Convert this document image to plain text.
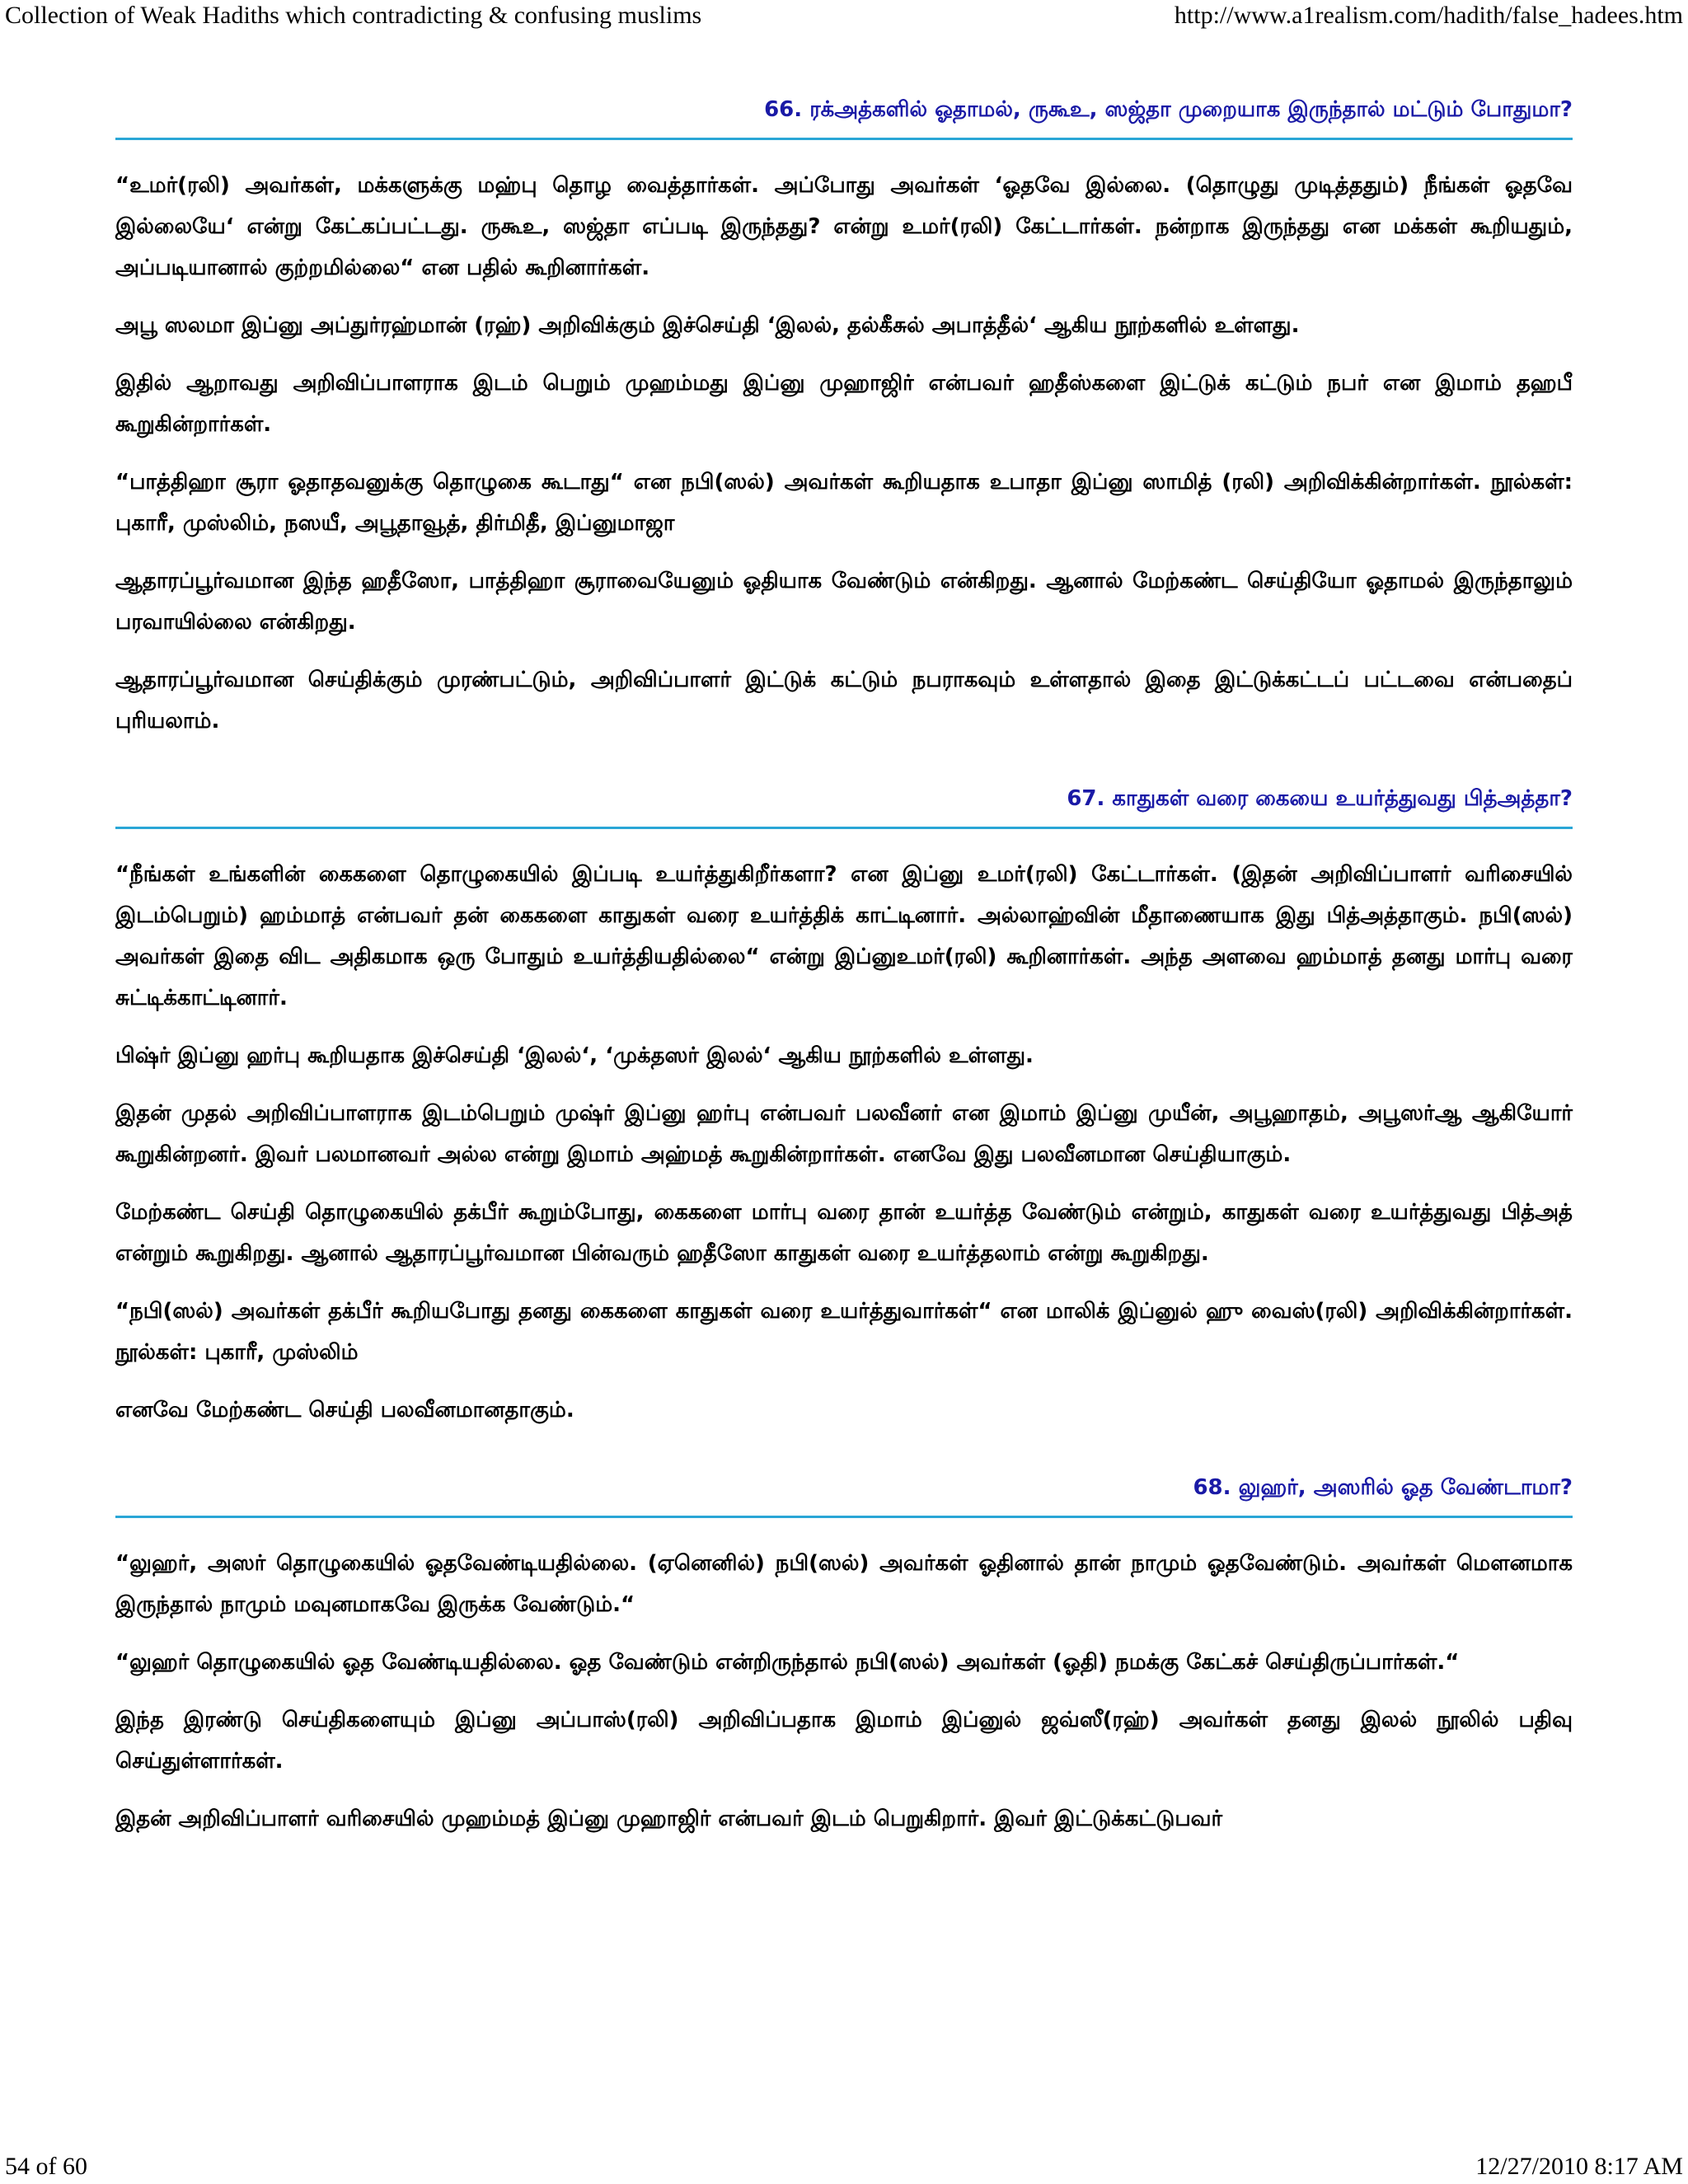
Collection of Weak Hadiths which contradicting & confusing muslims	http://www.a1realism.com/hadith/false_hadees.htm
66. ரக்அத்களில் ஓதாமல், ருகூஉ, ஸஜ்தா முறையாக இருந்தால் மட்டும் போதுமா?

“உமர்(ரலி) அவர்கள், மக்களுக்கு மஹ்பு தொழ வைத்தார்கள். அப்போது அவர்கள் ‘ஓதவே இல்லை. (தொழுது முடித்ததும்) நீங்கள் ஓதவே இல்லையே‘ என்று கேட்கப்பட்டது. ருகூஉ, ஸஜ்தா எப்படி இருந்தது? என்று உமர்(ரலி) கேட்டார்கள். நன்றாக இருந்தது என மக்கள் கூறியதும், அப்படியானால் குற்றமில்லை“ என பதில் கூறினார்கள்.

அபூ ஸலமா இப்னு அப்துர்ரஹ்மான் (ரஹ்) அறிவிக்கும் இச்செய்தி ‘இலல், தல்கீசுல் அபாத்தீல்‘ ஆகிய நூற்களில் உள்ளது.

இதில் ஆறாவது அறிவிப்பாளராக இடம் பெறும் முஹம்மது இப்னு முஹாஜிர் என்பவர் ஹதீஸ்களை இட்டுக் கட்டும் நபர் என இமாம் தஹபீ கூறுகின்றார்கள்.

“பாத்திஹா சூரா ஓதாதவனுக்கு தொழுகை கூடாது“ என நபி(ஸல்) அவர்கள் கூறியதாக உபாதா இப்னு ஸாமித் (ரலி) அறிவிக்கின்றார்கள். நூல்கள்: புகாரீ, முஸ்லிம், நஸயீ, அபூதாவூத், திர்மிதீ, இப்னுமாஜா

ஆதாரப்பூர்வமான இந்த ஹதீஸோ, பாத்திஹா சூராவையேனும் ஓதியாக வேண்டும் என்கிறது. ஆனால் மேற்கண்ட செய்தியோ ஓதாமல் இருந்தாலும் பரவாயில்லை என்கிறது.

ஆதாரப்பூர்வமான செய்திக்கும் முரண்பட்டும், அறிவிப்பாளர் இட்டுக் கட்டும் நபராகவும் உள்ளதால் இதை இட்டுக்கட்டப் பட்டவை என்பதைப் புரியலாம்.

67. காதுகள் வரை கையை உயர்த்துவது பித்அத்தா?

“நீங்கள் உங்களின் கைகளை தொழுகையில் இப்படி உயர்த்துகிறீர்களா? என இப்னு உமர்(ரலி) கேட்டார்கள். (இதன் அறிவிப்பாளர் வரிசையில் இடம்பெறும்) ஹம்மாத் என்பவர் தன் கைகளை காதுகள் வரை உயர்த்திக் காட்டினார். அல்லாஹ்வின் மீதாணையாக இது பித்அத்தாகும். நபி(ஸல்) அவர்கள் இதை விட அதிகமாக ஒரு போதும் உயர்த்தியதில்லை“ என்று இப்னுஉமர்(ரலி) கூறினார்கள். அந்த அளவை ஹம்மாத் தனது மார்பு வரை சுட்டிக்காட்டினார்.

பிஷ்ர் இப்னு ஹர்பு கூறியதாக இச்செய்தி ‘இலல்‘, ‘முக்தஸர் இலல்‘ ஆகிய நூற்களில் உள்ளது.

இதன் முதல் அறிவிப்பாளராக இடம்பெறும் முஷ்ர் இப்னு ஹர்பு என்பவர் பலவீனர் என இமாம் இப்னு முயீன், அபூஹாதம், அபூஸர்ஆ ஆகியோர் கூறுகின்றனர். இவர் பலமானவர் அல்ல என்று இமாம் அஹ்மத் கூறுகின்றார்கள். எனவே இது பலவீனமான செய்தியாகும்.

மேற்கண்ட செய்தி தொழுகையில் தக்பீர் கூறும்போது, கைகளை மார்பு வரை தான் உயர்த்த வேண்டும் என்றும், காதுகள் வரை உயர்த்துவது பித்அத் என்றும் கூறுகிறது. ஆனால் ஆதாரப்பூர்வமான பின்வரும் ஹதீஸோ காதுகள் வரை உயர்த்தலாம் என்று கூறுகிறது.

“நபி(ஸல்) அவர்கள் தக்பீர் கூறியபோது தனது கைகளை காதுகள் வரை உயர்த்துவார்கள்“ என மாலிக் இப்னுல் ஹு வைஸ்(ரலி) அறிவிக்கின்றார்கள். நூல்கள்: புகாரீ, முஸ்லிம்

எனவே மேற்கண்ட செய்தி பலவீனமானதாகும்.

68. லுஹர், அஸரில் ஓத வேண்டாமா?

“லுஹர், அஸர் தொழுகையில் ஓதவேண்டியதில்லை. (ஏனெனில்) நபி(ஸல்) அவர்கள் ஓதினால் தான் நாமும் ஓதவேண்டும். அவர்கள் மௌனமாக இருந்தால் நாமும் மவுனமாகவே இருக்க வேண்டும்.“

“லுஹர் தொழுகையில் ஓத வேண்டியதில்லை. ஓத வேண்டும் என்றிருந்தால் நபி(ஸல்) அவர்கள் (ஓதி) நமக்கு கேட்கச் செய்திருப்பார்கள்.“

இந்த இரண்டு செய்திகளையும் இப்னு அப்பாஸ்(ரலி) அறிவிப்பதாக இமாம் இப்னுல் ஜவ்ஸீ(ரஹ்) அவர்கள் தனது இலல் நூலில் பதிவு செய்துள்ளார்கள்.

இதன் அறிவிப்பாளர் வரிசையில் முஹம்மத் இப்னு முஹாஜிர் என்பவர் இடம் பெறுகிறார். இவர் இட்டுக்கட்டுபவர்

54 of 60	12/27/2010 8:17 AM
